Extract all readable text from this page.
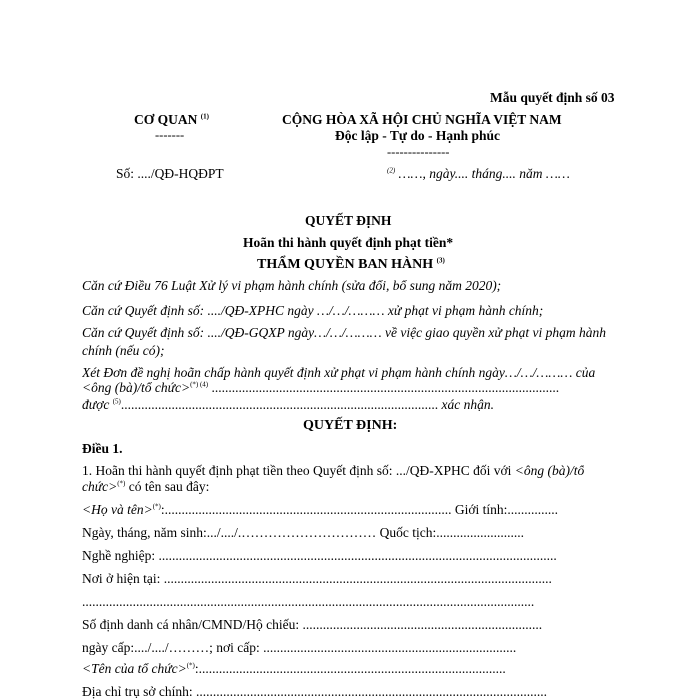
Mẫu quyết định số 03
CƠ QUAN $^{(1)}$
-------
CỘNG HÒA XÃ HỘI CHỦ NGHĨA VIỆT NAM
Độc lập - Tự do - Hạnh phúc
---------------
Số: ..../QĐ-HQĐPT	$^{(2)}$ ……, ngày.... tháng.... năm ……
QUYẾT ĐỊNH
Hoãn thi hành quyết định phạt tiền*
THẨM QUYỀN BAN HÀNH $^{(3)}$
Căn cứ Điều 76 Luật Xử lý vi phạm hành chính (sửa đổi, bổ sung năm 2020);
Căn cứ Quyết định số: ..../QĐ-XPHC ngày …/…/……… xử phạt vi phạm hành chính;
Căn cứ Quyết định số: ..../QĐ-GQXP ngày…/…/……… về việc giao quyền xử phạt vi phạm hành
chính (nếu có);
Xét Đơn đề nghị hoãn chấp hành quyết định xử phạt vi phạm hành chính ngày…/…/……… của
<ông (bà)/tổ chức>$^{(*) (4)}$ .......................................................................................................
được $^{(5)}$.............................................................................................. xác nhận.
QUYẾT ĐỊNH:
Điều 1.
1. Hoãn thi hành quyết định phạt tiền theo Quyết định số: .../QĐ-XPHC đối với <ông (bà)/tổ
chức>(*) có tên sau đây:
<Họ và tên>(*):..................................................................................... Giới tính:...............
Ngày, tháng, năm sinh:.../..../.………………………… Quốc tịch:..........................
Nghề nghiệp: ......................................................................................................................
Nơi ở hiện tại: ...................................................................................................................
......................................................................................................................................
Số định danh cá nhân/CMND/Hộ chiếu: .......................................................................
ngày cấp:..../..../………; nơi cấp: ...........................................................................
<Tên của tổ chức>(*):...........................................................................................
Địa chỉ trụ sở chính: ........................................................................................................
